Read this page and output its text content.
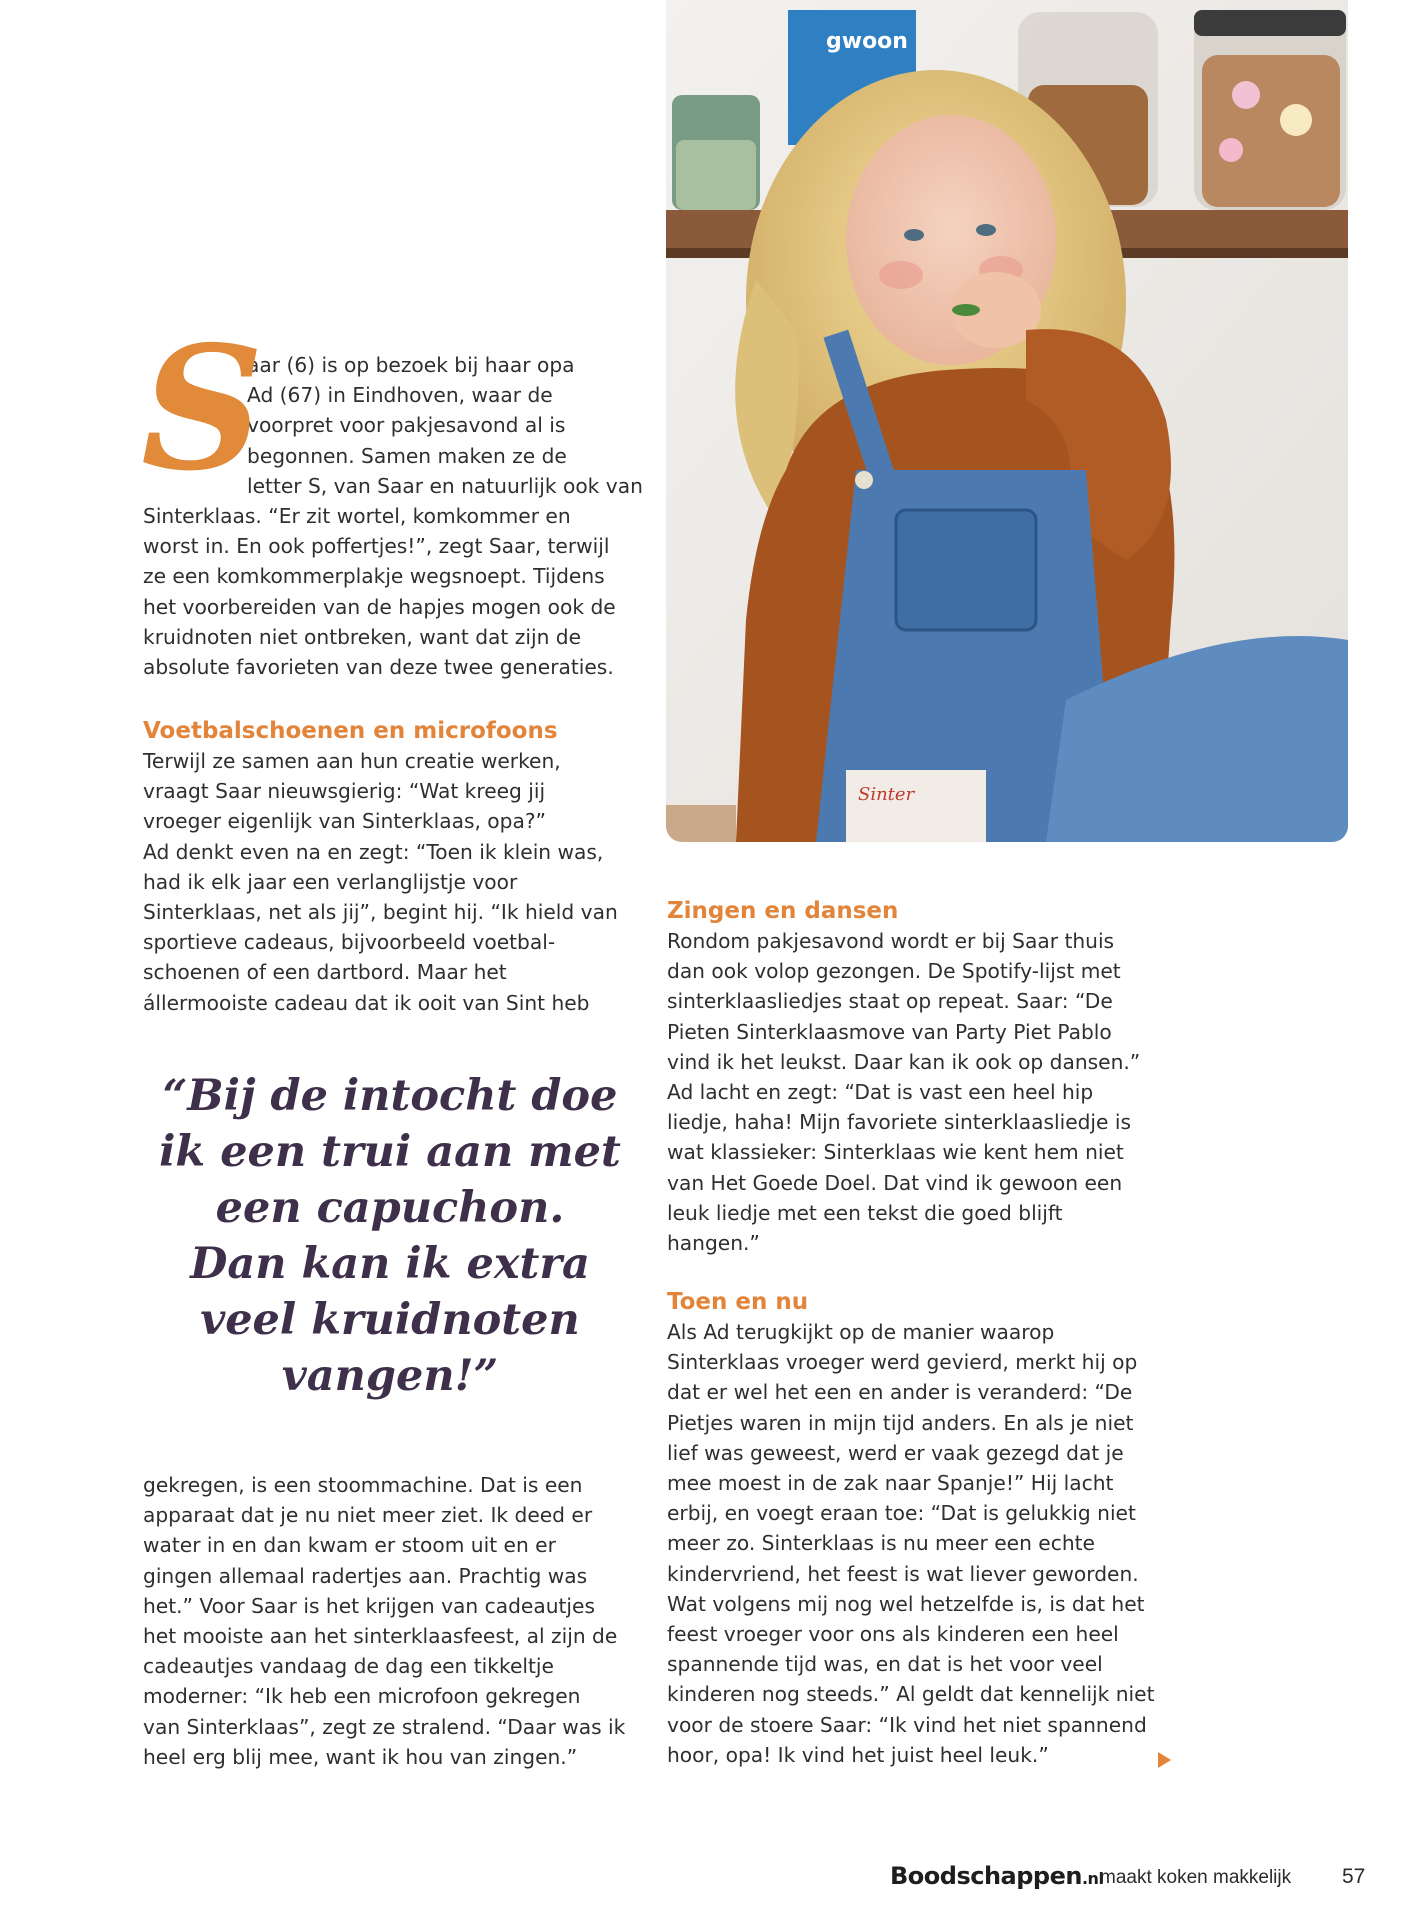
gwoon
Sinter
S

aar (6) is op bezoek bij haar opa
Ad (67) in Eindhoven, waar de
voorpret voor pakjesavond al is
begonnen. Samen maken ze de
letter S, van Saar en natuurlijk ook van
Sinterklaas. “Er zit wortel, komkommer en
worst in. En ook poffertjes!”, zegt Saar, terwijl
ze een komkommerplakje wegsnoept. Tijdens
het voorbereiden van de hapjes mogen ook de
kruidnoten niet ontbreken, want dat zijn de
absolute favorieten van deze twee generaties.

Voetbalschoenen en microfoons

Terwijl ze samen aan hun creatie werken,
vraagt Saar nieuwsgierig: “Wat kreeg jij
vroeger eigenlijk van Sinterklaas, opa?”
Ad denkt even na en zegt: “Toen ik klein was,
had ik elk jaar een verlanglijstje voor
Sinterklaas, net als jij”, begint hij. “Ik hield van
sportieve cadeaus, bijvoorbeeld voetbal-
schoenen of een dartbord. Maar het
állermooiste cadeau dat ik ooit van Sint heb

“Bij de intocht doe
ik een trui aan met
een capuchon.
Dan kan ik extra
veel kruidnoten
vangen!”

gekregen, is een stoommachine. Dat is een
apparaat dat je nu niet meer ziet. Ik deed er
water in en dan kwam er stoom uit en er
gingen allemaal radertjes aan. Prachtig was
het.” Voor Saar is het krijgen van cadeautjes
het mooiste aan het sinterklaasfeest, al zijn de
cadeautjes vandaag de dag een tikkeltje
moderner: “Ik heb een microfoon gekregen
van Sinterklaas”, zegt ze stralend. “Daar was ik
heel erg blij mee, want ik hou van zingen.”

Zingen en dansen

Rondom pakjesavond wordt er bij Saar thuis
dan ook volop gezongen. De Spotify-lijst met
sinterklaasliedjes staat op repeat. Saar: “De
Pieten Sinterklaasmove van Party Piet Pablo
vind ik het leukst. Daar kan ik ook op dansen.”
Ad lacht en zegt: “Dat is vast een heel hip
liedje, haha! Mijn favoriete sinterklaasliedje is
wat klassieker: Sinterklaas wie kent hem niet
van Het Goede Doel. Dat vind ik gewoon een
leuk liedje met een tekst die goed blijft
hangen.”

Toen en nu

Als Ad terugkijkt op de manier waarop
Sinterklaas vroeger werd gevierd, merkt hij op
dat er wel het een en ander is veranderd: “De
Pietjes waren in mijn tijd anders. En als je niet
lief was geweest, werd er vaak gezegd dat je
mee moest in de zak naar Spanje!” Hij lacht
erbij, en voegt eraan toe: “Dat is gelukkig niet
meer zo. Sinterklaas is nu meer een echte
kindervriend, het feest is wat liever geworden.
Wat volgens mij nog wel hetzelfde is, is dat het
feest vroeger voor ons als kinderen een heel
spannende tijd was, en dat is het voor veel
kinderen nog steeds.” Al geldt dat kennelijk niet
voor de stoere Saar: “Ik vind het niet spannend
hoor, opa! Ik vind het juist heel leuk.”

Boodschappen.nl
maakt koken makkelijk 57
